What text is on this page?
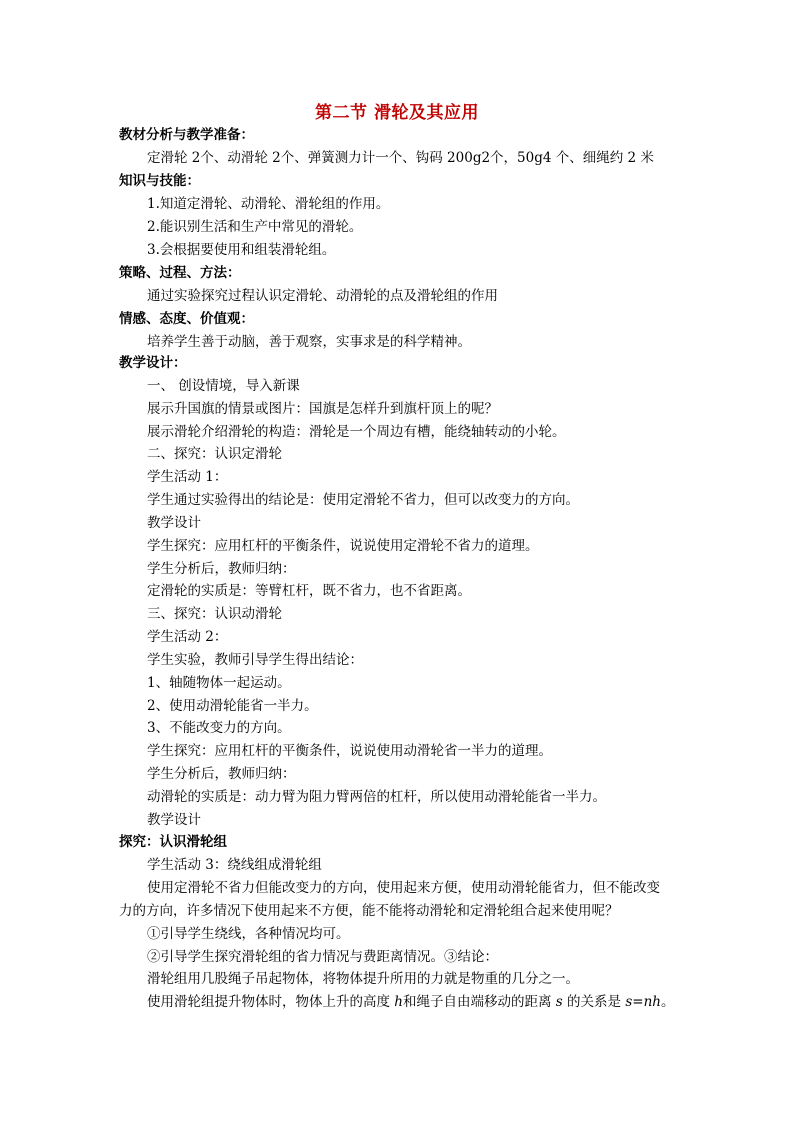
第二节 滑轮及其应用
教材分析与教学准备：
定滑轮 2个、动滑轮 2个、弹簧测力计一个、钩码 200g2个，50g4 个、细绳约 2 米
知识与技能：
1.知道定滑轮、动滑轮、滑轮组的作用。
2.能识别生活和生产中常见的滑轮。
3.会根据要使用和组装滑轮组。
策略、过程、方法：
通过实验探究过程认识定滑轮、动滑轮的点及滑轮组的作用
情感、态度、价值观：
培养学生善于动脑，善于观察，实事求是的科学精神。
教学设计：
一、 创设情境，导入新课
展示升国旗的情景或图片：国旗是怎样升到旗杆顶上的呢？
展示滑轮介绍滑轮的构造：滑轮是一个周边有槽，能绕轴转动的小轮。
二、探究：认识定滑轮
学生活动 1：
学生通过实验得出的结论是：使用定滑轮不省力，但可以改变力的方向。
教学设计
学生探究：应用杠杆的平衡条件，说说使用定滑轮不省力的道理。
学生分析后，教师归纳：
定滑轮的实质是：等臂杠杆，既不省力，也不省距离。
三、探究：认识动滑轮
学生活动 2：
学生实验，教师引导学生得出结论：
1、轴随物体一起运动。
2、使用动滑轮能省一半力。
3、不能改变力的方向。
学生探究：应用杠杆的平衡条件，说说使用动滑轮省一半力的道理。
学生分析后，教师归纳：
动滑轮的实质是：动力臂为阻力臂两倍的杠杆，所以使用动滑轮能省一半力。
教学设计
探究：认识滑轮组
学生活动 3：绕线组成滑轮组
使用定滑轮不省力但能改变力的方向，使用起来方便，使用动滑轮能省力，但不能改变
力的方向，许多情况下使用起来不方便，能不能将动滑轮和定滑轮组合起来使用呢？
①引导学生绕线，各种情况均可。
②引导学生探究滑轮组的省力情况与费距离情况。③结论：
滑轮组用几股绳子吊起物体，将物体提升所用的力就是物重的几分之一。
使用滑轮组提升物体时，物体上升的高度 h和绳子自由端移动的距离 s 的关系是 s=nh。
